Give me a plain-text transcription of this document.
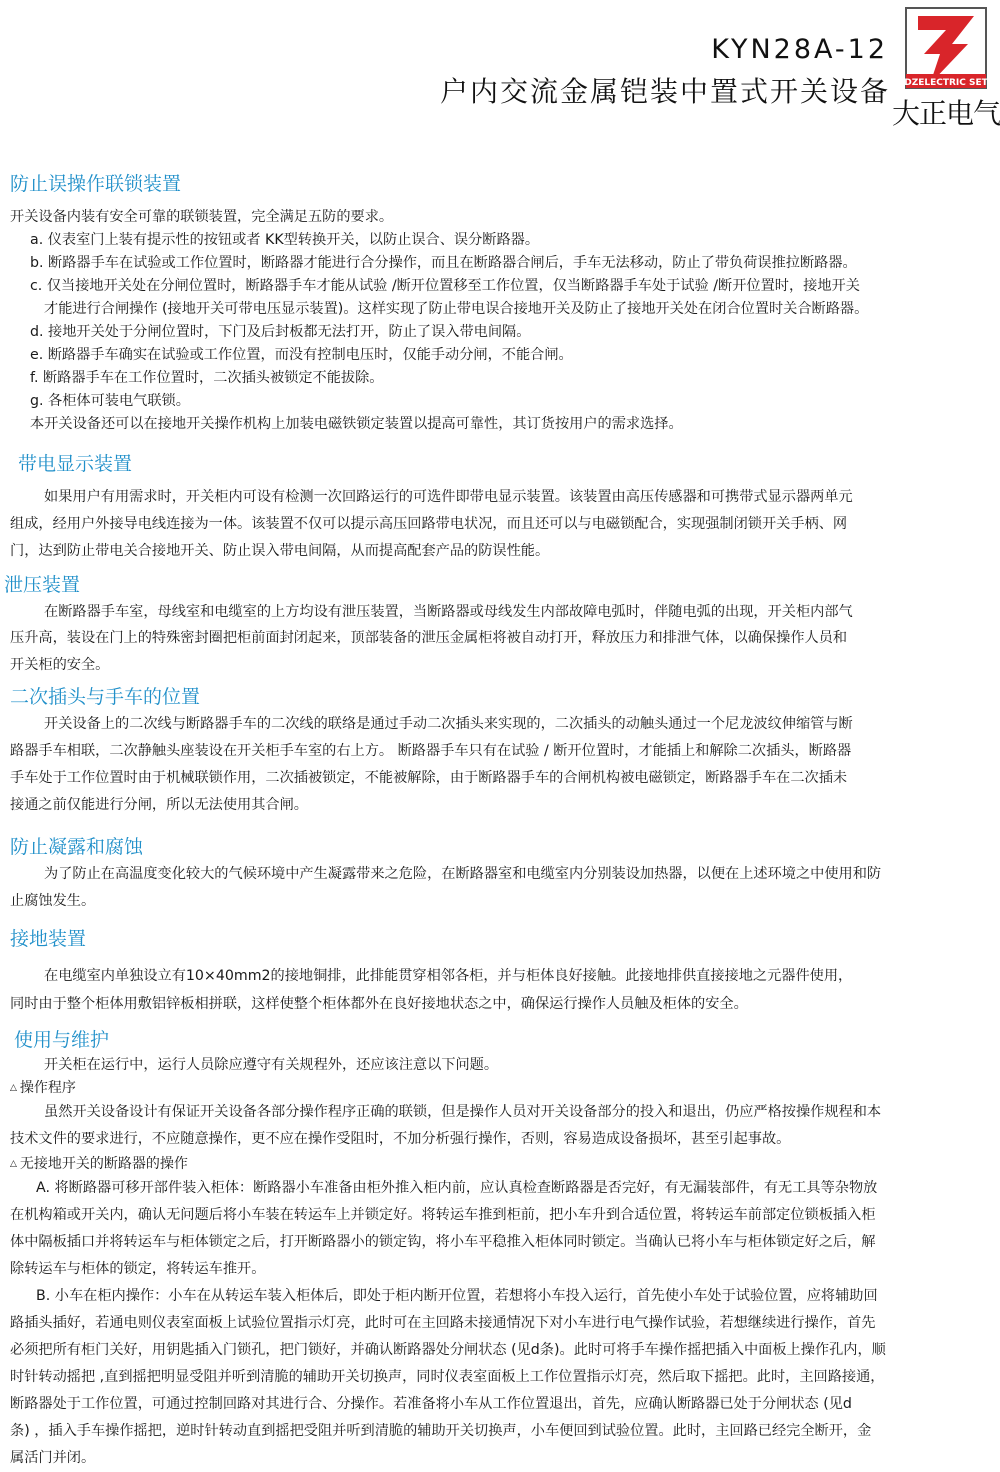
KYN28A-12
户内交流金属铠装中置式开关设备 DZELECTRIC SET
大正电气
防止误操作联锁装置

开关设备内装有安全可靠的联锁装置，完全满足五防的要求。

a. 仪表室门上装有提示性的按钮或者 KK型转换开关，以防止误合、误分断路器。

b. 断路器手车在试验或工作位置时，断路器才能进行合分操作，而且在断路器合闸后，手车无法移动，防止了带负荷误推拉断路器。

c. 仅当接地开关处在分闸位置时，断路器手车才能从试验 /断开位置移至工作位置，仅当断路器手车处于试验 /断开位置时，接地开关

才能进行合闸操作 (接地开关可带电压显示装置)。这样实现了防止带电误合接地开关及防止了接地开关处在闭合位置时关合断路器。

d. 接地开关处于分闸位置时，下门及后封板都无法打开，防止了误入带电间隔。

e. 断路器手车确实在试验或工作位置，而没有控制电压时，仅能手动分闸，不能合闸。

f. 断路器手车在工作位置时，二次插头被锁定不能拔除。

g. 各柜体可装电气联锁。

本开关设备还可以在接地开关操作机构上加装电磁铁锁定装置以提高可靠性，其订货按用户的需求选择。

带电显示装置

如果用户有用需求时，开关柜内可设有检测一次回路运行的可选件即带电显示装置。该装置由高压传感器和可携带式显示器两单元

组成，经用户外接导电线连接为一体。该装置不仅可以提示高压回路带电状况，而且还可以与电磁锁配合，实现强制闭锁开关手柄、网

门，达到防止带电关合接地开关、防止误入带电间隔，从而提高配套产品的防误性能。

泄压装置

在断路器手车室，母线室和电缆室的上方均设有泄压装置，当断路器或母线发生内部故障电弧时，伴随电弧的出现，开关柜内部气

压升高，装设在门上的特殊密封圈把柜前面封闭起来，顶部装备的泄压金属柜将被自动打开，释放压力和排泄气体，以确保操作人员和

开关柜的安全。

二次插头与手车的位置

开关设备上的二次线与断路器手车的二次线的联络是通过手动二次插头来实现的，二次插头的动触头通过一个尼龙波纹伸缩管与断

路器手车相联，二次静触头座装设在开关柜手车室的右上方。 断路器手车只有在试验 / 断开位置时，才能插上和解除二次插头，断路器

手车处于工作位置时由于机械联锁作用，二次插被锁定，不能被解除，由于断路器手车的合闸机构被电磁锁定，断路器手车在二次插未

接通之前仅能进行分闸，所以无法使用其合闸。

防止凝露和腐蚀

为了防止在高温度变化较大的气候环境中产生凝露带来之危险，在断路器室和电缆室内分别装设加热器，以便在上述环境之中使用和防

止腐蚀发生。

接地装置

在电缆室内单独设立有10×40mm2的接地铜排，此排能贯穿相邻各柜，并与柜体良好接触。此接地排供直接接地之元器件使用，

同时由于整个柜体用敷铝锌板相拼联，这样使整个柜体都外在良好接地状态之中，确保运行操作人员触及柜体的安全。

使用与维护

开关柜在运行中，运行人员除应遵守有关规程外，还应该注意以下问题。

△ 操作程序

虽然开关设备设计有保证开关设备各部分操作程序正确的联锁，但是操作人员对开关设备部分的投入和退出，仍应严格按操作规程和本

技术文件的要求进行，不应随意操作，更不应在操作受阻时，不加分析强行操作，否则，容易造成设备损坏，甚至引起事故。

△ 无接地开关的断路器的操作

A. 将断路器可移开部件装入柜体：断路器小车准备由柜外推入柜内前，应认真检查断路器是否完好，有无漏装部件，有无工具等杂物放

在机构箱或开关内，确认无问题后将小车装在转运车上并锁定好。将转运车推到柜前，把小车升到合适位置，将转运车前部定位锁板插入柜

体中隔板插口并将转运车与柜体锁定之后，打开断路器小的锁定钩，将小车平稳推入柜体同时锁定。当确认已将小车与柜体锁定好之后，解

除转运车与柜体的锁定，将转运车推开。

B. 小车在柜内操作：小车在从转运车装入柜体后，即处于柜内断开位置，若想将小车投入运行，首先使小车处于试验位置，应将辅助回

路插头插好，若通电则仪表室面板上试验位置指示灯亮，此时可在主回路未接通情况下对小车进行电气操作试验，若想继续进行操作，首先

必须把所有柜门关好，用钥匙插入门锁孔，把门锁好，并确认断路器处分闸状态 (见d条)。此时可将手车操作摇把插入中面板上操作孔内，顺

时针转动摇把 ,直到摇把明显受阻并听到清脆的辅助开关切换声，同时仪表室面板上工作位置指示灯亮，然后取下摇把。此时，主回路接通，

断路器处于工作位置，可通过控制回路对其进行合、分操作。若准备将小车从工作位置退出，首先，应确认断路器已处于分闸状态 (见d

条) ，插入手车操作摇把，逆时针转动直到摇把受阻并听到清脆的辅助开关切换声，小车便回到试验位置。此时，主回路已经完全断开，金

属活门并闭。
